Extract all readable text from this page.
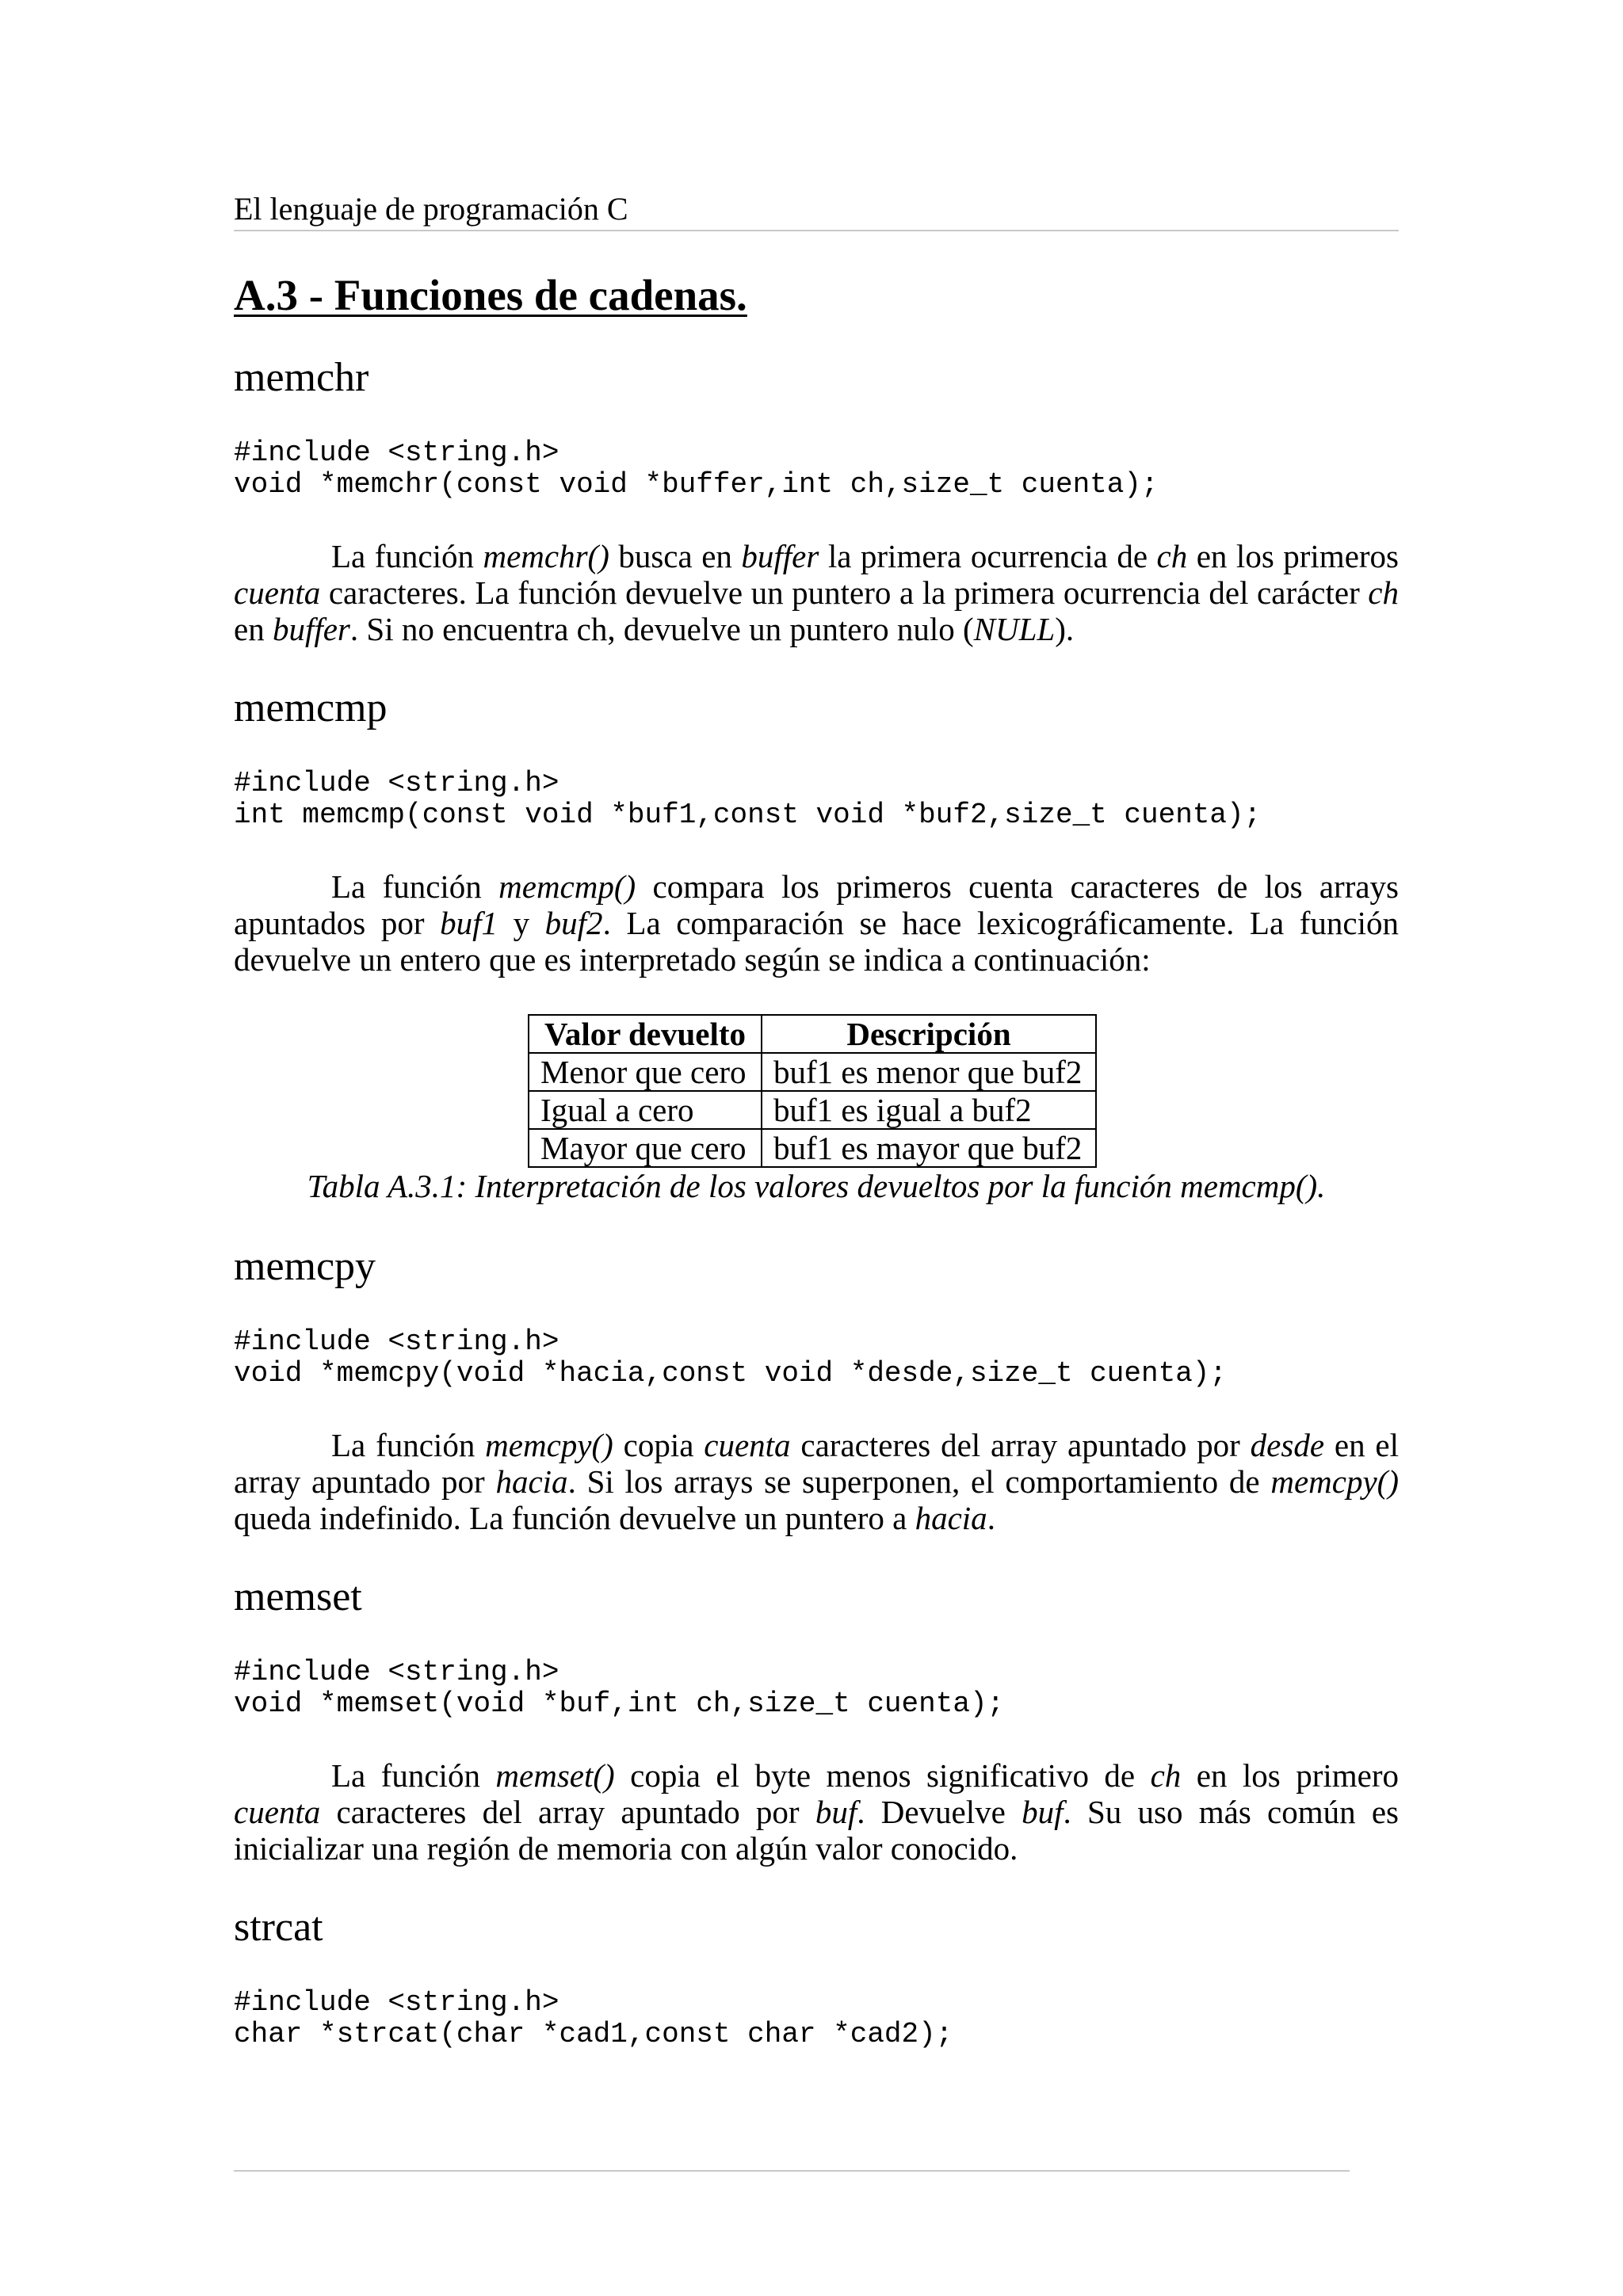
El lenguaje de programación C
A.3 - Funciones de cadenas.
memchr
#include <string.h>
void *memchr(const void *buffer,int ch,size_t cuenta);

La función memchr() busca en buffer la primera ocurrencia de ch en los primeros cuenta caracteres. La función devuelve un puntero a la primera ocurrencia del carácter ch en buffer. Si no encuentra ch, devuelve un puntero nulo (NULL).

memcmp
#include <string.h>
int memcmp(const void *buf1,const void *buf2,size_t cuenta);

La función memcmp() compara los primeros cuenta caracteres de los arrays apuntados por buf1 y buf2. La comparación se hace lexicográficamente. La función devuelve un entero que es interpretado según se indica a continuación:

Valor devuelto	Descripción
Menor que cero	buf1 es menor que buf2
Igual a cero	buf1 es igual a buf2
Mayor que cero	buf1 es mayor que buf2

Tabla A.3.1: Interpretación de los valores devueltos por la función memcmp().

memcpy
#include <string.h>
void *memcpy(void *hacia,const void *desde,size_t cuenta);

La función memcpy() copia cuenta caracteres del array apuntado por desde en el array apuntado por hacia. Si los arrays se superponen, el comportamiento de memcpy() queda indefinido. La función devuelve un puntero a hacia.

memset
#include <string.h>
void *memset(void *buf,int ch,size_t cuenta);

La función memset() copia el byte menos significativo de ch en los primero cuenta caracteres del array apuntado por buf. Devuelve buf. Su uso más común es inicializar una región de memoria con algún valor conocido.

strcat
#include <string.h>
char *strcat(char *cad1,const char *cad2);
